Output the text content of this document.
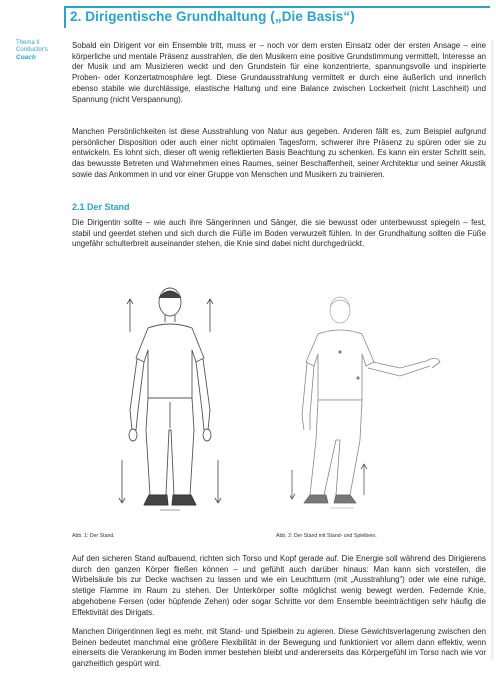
2. Dirigentische Grundhaltung („Die Basis“)
Thema II
Conductor's
Coach

Sobald ein Dirigent vor ein Ensemble tritt, muss er – noch vor dem ersten Einsatz oder der ersten Ansage – eine körperliche und mentale Präsenz ausstrahlen, die den Musikern eine positive Grundstimmung vermittelt, Interesse an der Musik und am Musizieren weckt und den Grundstein für eine konzentrierte, spannungsvolle und inspirierte Proben- oder Konzertatmosphäre legt. Diese Grundausstrahlung vermittelt er durch eine äußerlich und innerlich ebenso stabile wie durchlässige, elastische Haltung und eine Balance zwischen Lockerheit (nicht Laschheit) und Spannung (nicht Verspannung).

Manchen Persönlichkeiten ist diese Ausstrahlung von Natur aus gegeben. Anderen fällt es, zum Beispiel aufgrund persönlicher Disposition oder auch einer nicht optimalen Tagesform, schwerer ihre Präsenz zu spüren oder sie zu entwickeln. Es lohnt sich, dieser oft wenig reflektierten Basis Beachtung zu schenken. Es kann ein erster Schritt sein, das bewusste Betreten und Wahrnehmen eines Raumes, seiner Beschaffenheit, seiner Architektur und seiner Akustik sowie das Ankommen in und vor einer Gruppe von Menschen und Musikern zu trainieren.

2.1 Der Stand

Die Dirigentin sollte – wie auch ihre Sängerinnen und Sänger, die sie bewusst oder unterbewusst spiegeln – fest, stabil und geerdet stehen und sich durch die Füße im Boden verwurzelt fühlen. In der Grundhaltung sollten die Füße ungefähr schulterbreit auseinander stehen, die Knie sind dabei nicht durchgedrückt.

Abb. 1: Der Stand.	Abb. 2: Der Stand mit Stand- und Spielbein.

Auf den sicheren Stand aufbauend, richten sich Torso und Kopf gerade auf. Die Energie soll während des Dirigierens durch den ganzen Körper fließen können – und gefühlt auch darüber hinaus: Man kann sich vorstellen, die Wirbelsäule bis zur Decke wachsen zu lassen und wie ein Leuchtturm (mit „Ausstrahlung“) oder wie eine ruhige, stetige Flamme im Raum zu stehen. Der Unterkörper sollte möglichst wenig bewegt werden. Federnde Knie, abgehobene Fersen (oder hüpfende Zehen) oder sogar Schritte vor dem Ensemble beeinträchtigen sehr häufig die Effektivität des Dirigats.

Manchen Dirigentinnen liegt es mehr, mit Stand- und Spielbein zu agieren. Diese Gewichtsverlagerung zwischen den Beinen bedeutet manchmal eine größere Flexibilität in der Bewegung und funktioniert vor allem dann effektiv, wenn einerseits die Verankerung im Boden immer bestehen bleibt und andererseits das Körpergefühl im Torso nach wie vor ganzheitlich gespürt wird.
